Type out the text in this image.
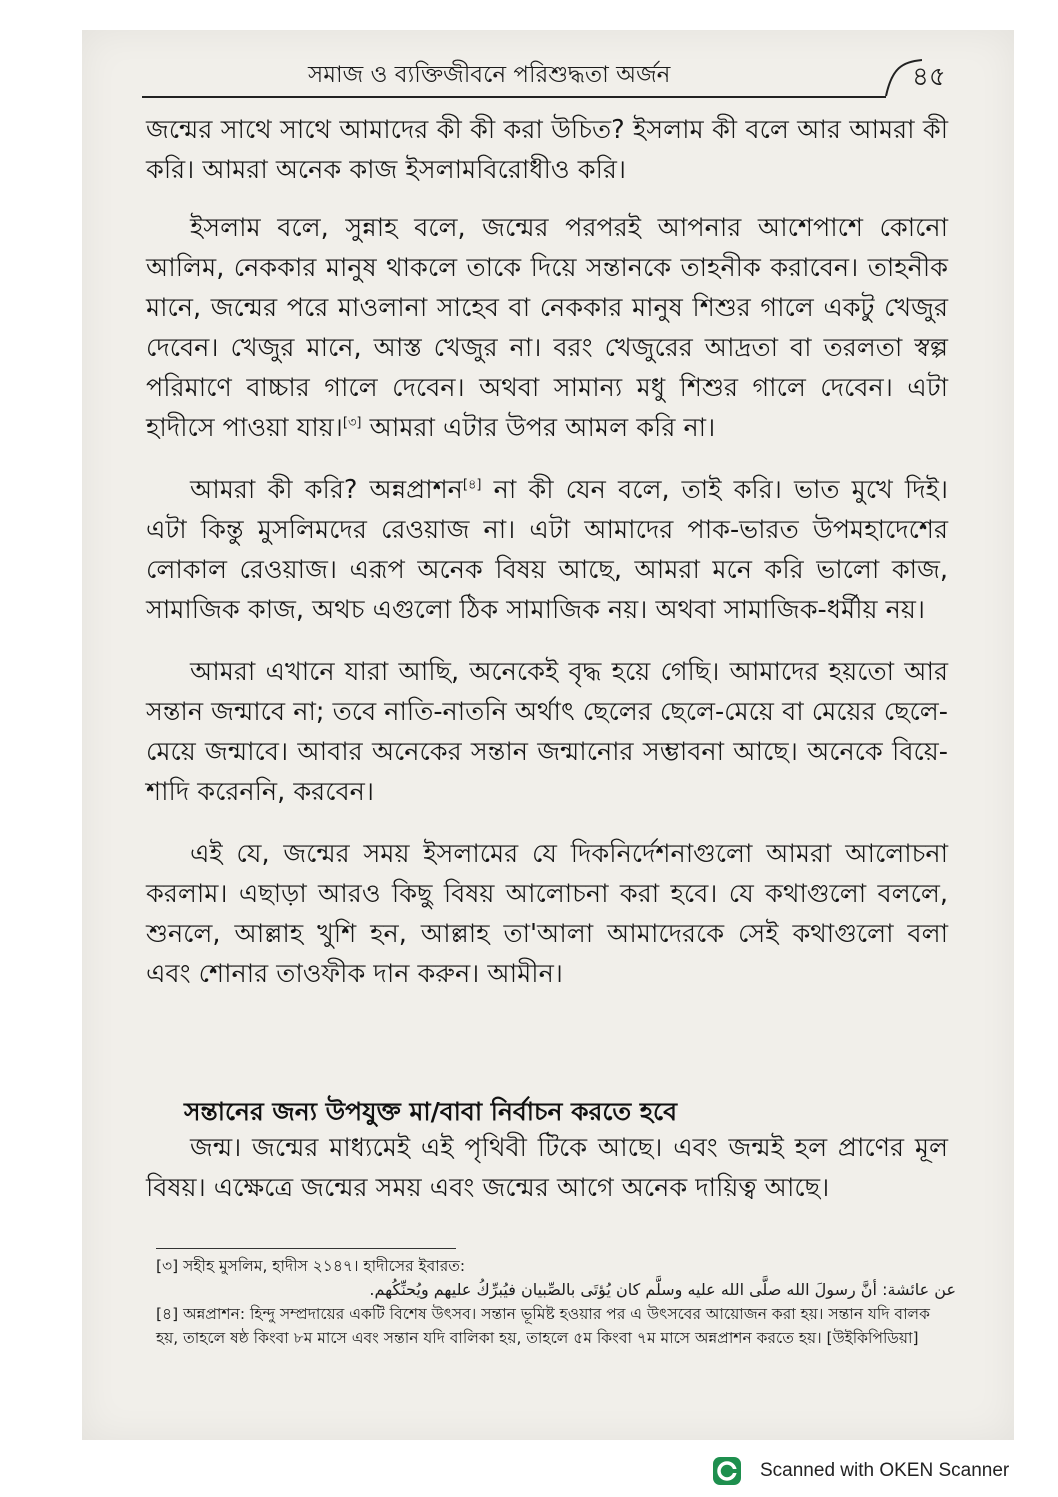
সমাজ ও ব্যক্তিজীবনে পরিশুদ্ধতা অর্জন	৪৫

জন্মের সাথে সাথে আমাদের কী কী করা উচিত? ইসলাম কী বলে আর আমরা কী করি। আমরা অনেক কাজ ইসলামবিরোধীও করি।

ইসলাম বলে, সুন্নাহ বলে, জন্মের পরপরই আপনার আশেপাশে কোনো আলিম, নেককার মানুষ থাকলে তাকে দিয়ে সন্তানকে তাহনীক করাবেন। তাহনীক মানে, জন্মের পরে মাওলানা সাহেব বা নেককার মানুষ শিশুর গালে একটু খেজুর দেবেন। খেজুর মানে, আস্ত খেজুর না। বরং খেজুরের আদ্রতা বা তরলতা স্বল্প পরিমাণে বাচ্চার গালে দেবেন। অথবা সামান্য মধু শিশুর গালে দেবেন। এটা হাদীসে পাওয়া যায়।[৩] আমরা এটার উপর আমল করি না।

আমরা কী করি? অন্নপ্রাশন[৪] না কী যেন বলে, তাই করি। ভাত মুখে দিই। এটা কিন্তু মুসলিমদের রেওয়াজ না। এটা আমাদের পাক-ভারত উপমহাদেশের লোকাল রেওয়াজ। এরূপ অনেক বিষয় আছে, আমরা মনে করি ভালো কাজ, সামাজিক কাজ, অথচ এগুলো ঠিক সামাজিক নয়। অথবা সামাজিক-ধর্মীয় নয়।

আমরা এখানে যারা আছি, অনেকেই বৃদ্ধ হয়ে গেছি। আমাদের হয়তো আর সন্তান জন্মাবে না; তবে নাতি-নাতনি অর্থাৎ ছেলের ছেলে-মেয়ে বা মেয়ের ছেলে-মেয়ে জন্মাবে। আবার অনেকের সন্তান জন্মানোর সম্ভাবনা আছে। অনেকে বিয়ে-শাদি করেননি, করবেন।

এই যে, জন্মের সময় ইসলামের যে দিকনির্দেশনাগুলো আমরা আলোচনা করলাম। এছাড়া আরও কিছু বিষয় আলোচনা করা হবে। যে কথাগুলো বললে, শুনলে, আল্লাহ খুশি হন, আল্লাহ তা'আলা আমাদেরকে সেই কথাগুলো বলা এবং শোনার তাওফীক দান করুন। আমীন।

সন্তানের জন্য উপযুক্ত মা/বাবা নির্বাচন করতে হবে
জন্ম। জন্মের মাধ্যমেই এই পৃথিবী টিকে আছে। এবং জন্মই হল প্রাণের মূল বিষয়। এক্ষেত্রে জন্মের সময় এবং জন্মের আগে অনেক দায়িত্ব আছে।

[৩] সহীহ মুসলিম, হাদীস ২১৪৭। হাদীসের ইবারত:

عن عائشة: أنَّ رسولَ الله صلَّى الله عليه وسلَّم كان يُؤتَى بالصِّبيان فيُبرِّكُ عليهم ويُحنِّكُهم.

[৪] অন্নপ্রাশন: হিন্দু সম্প্রদায়ের একটি বিশেষ উৎসব। সন্তান ভূমিষ্ট হওয়ার পর এ উৎসবের আয়োজন করা হয়। সন্তান যদি বালক হয়, তাহলে ষষ্ঠ কিংবা ৮ম মাসে এবং সন্তান যদি বালিকা হয়, তাহলে ৫ম কিংবা ৭ম মাসে অন্নপ্রাশন করতে হয়। [উইকিপিডিয়া]

Scanned with OKEN Scanner
